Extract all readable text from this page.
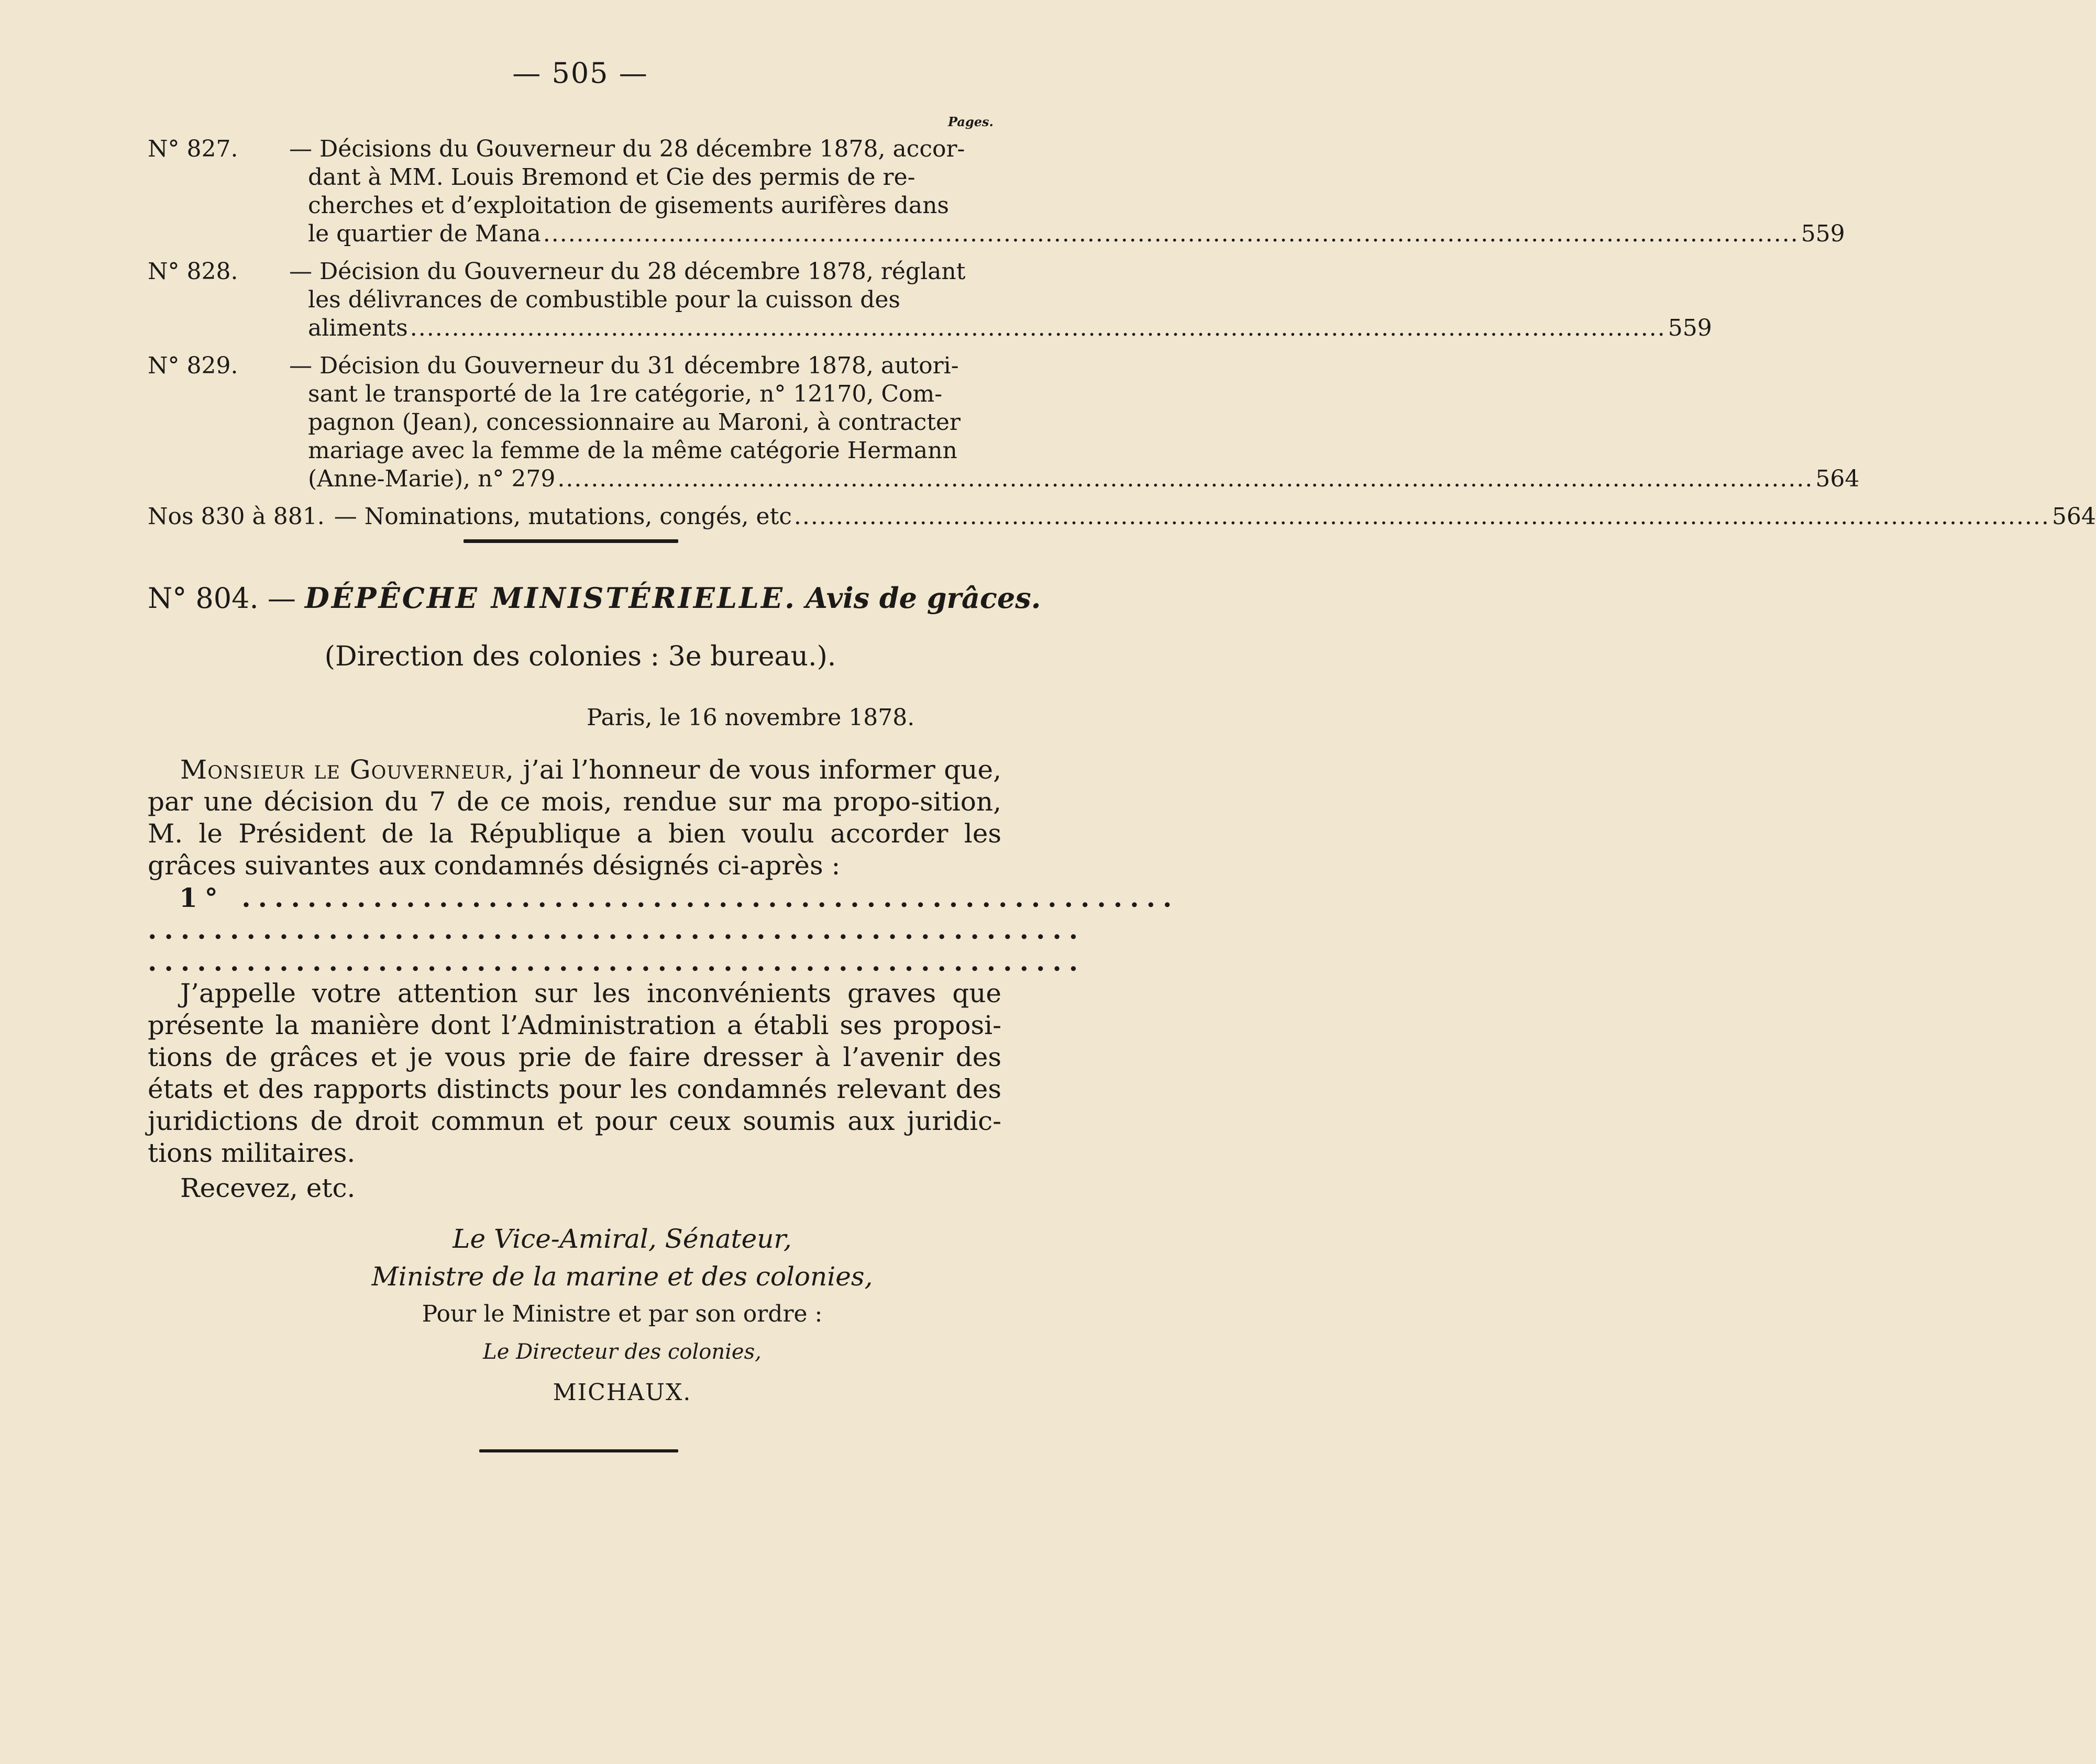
— 505 —
Pages.
N° 827. — Décisions du Gouverneur du 28 décembre 1878, accor-
dant à MM. Louis Bremond et Cie des permis de re-
cherches et d’exploitation de gisements aurifères dans
le quartier de Mana .....	559
N° 828. — Décision du Gouverneur du 28 décembre 1878, réglant
les délivrances de combustible pour la cuisson des
aliments .....	559
N° 829. — Décision du Gouverneur du 31 décembre 1878, autori-
sant le transporté de la 1re catégorie, n° 12170, Com-
pagnon (Jean), concessionnaire au Maroni, à contracter
mariage avec la femme de la même catégorie Hermann
(Anne-Marie), n° 279 .....	564
Nos 830 à 881. — Nominations, mutations, congés, etc .....	564
N° 804. — DÉPÊCHE MINISTÉRIELLE. Avis de grâces.
(Direction des colonies : 3e bureau.).
Paris, le 16 novembre 1878.

Monsieur le Gouverneur, j’ai l’honneur de vous informer que, par une décision du 7 de ce mois, rendue sur ma propo-sition, M. le Président de la République a bien voulu accorder les grâces suivantes aux condamnés désignés ci-après :

1° .........................................................
.........................................................
.........................................................

J’appelle votre attention sur les inconvénients graves que présente la manière dont l’Administration a établi ses proposi-tions de grâces et je vous prie de faire dresser à l’avenir des états et des rapports distincts pour les condamnés relevant des juridictions de droit commun et pour ceux soumis aux juridic-tions militaires.

Recevez, etc.

Le Vice-Amiral, Sénateur,
Ministre de la marine et des colonies,
Pour le Ministre et par son ordre :
Le Directeur des colonies,
MICHAUX.
